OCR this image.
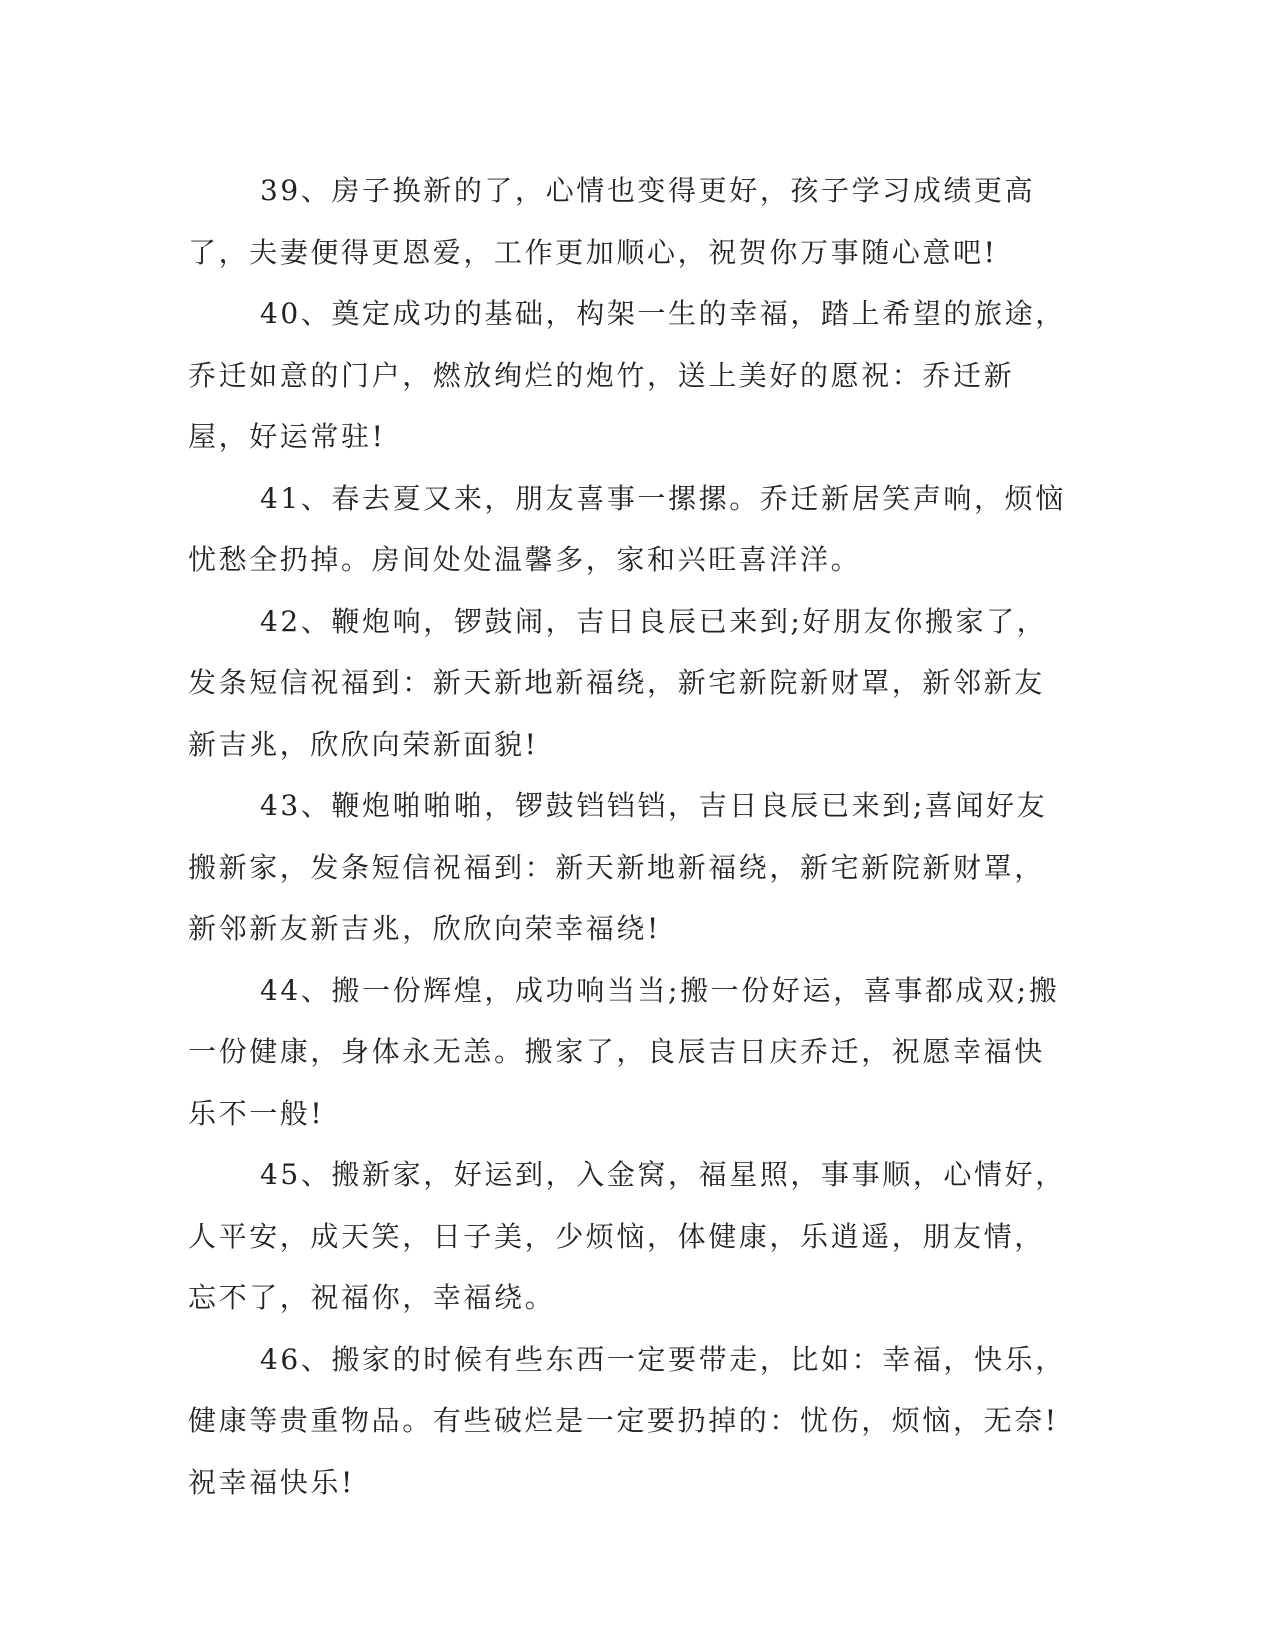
39、房子换新的了，心情也变得更好，孩子学习成绩更高了，夫妻便得更恩爱，工作更加顺心，祝贺你万事随心意吧!

40、奠定成功的基础，构架一生的幸福，踏上希望的旅途，乔迁如意的门户，燃放绚烂的炮竹，送上美好的愿祝：乔迁新屋，好运常驻!

41、春去夏又来，朋友喜事一摞摞。乔迁新居笑声响，烦恼忧愁全扔掉。房间处处温馨多，家和兴旺喜洋洋。

42、鞭炮响，锣鼓闹，吉日良辰已来到;好朋友你搬家了，发条短信祝福到：新天新地新福绕，新宅新院新财罩，新邻新友新吉兆，欣欣向荣新面貌!

43、鞭炮啪啪啪，锣鼓铛铛铛，吉日良辰已来到;喜闻好友搬新家，发条短信祝福到：新天新地新福绕，新宅新院新财罩，新邻新友新吉兆，欣欣向荣幸福绕!

44、搬一份辉煌，成功响当当;搬一份好运，喜事都成双;搬一份健康，身体永无恙。搬家了，良辰吉日庆乔迁，祝愿幸福快乐不一般!

45、搬新家，好运到，入金窝，福星照，事事顺，心情好，人平安，成天笑，日子美，少烦恼，体健康，乐逍遥，朋友情，忘不了，祝福你，幸福绕。

46、搬家的时候有些东西一定要带走，比如：幸福，快乐，健康等贵重物品。有些破烂是一定要扔掉的：忧伤，烦恼，无奈!祝幸福快乐!
